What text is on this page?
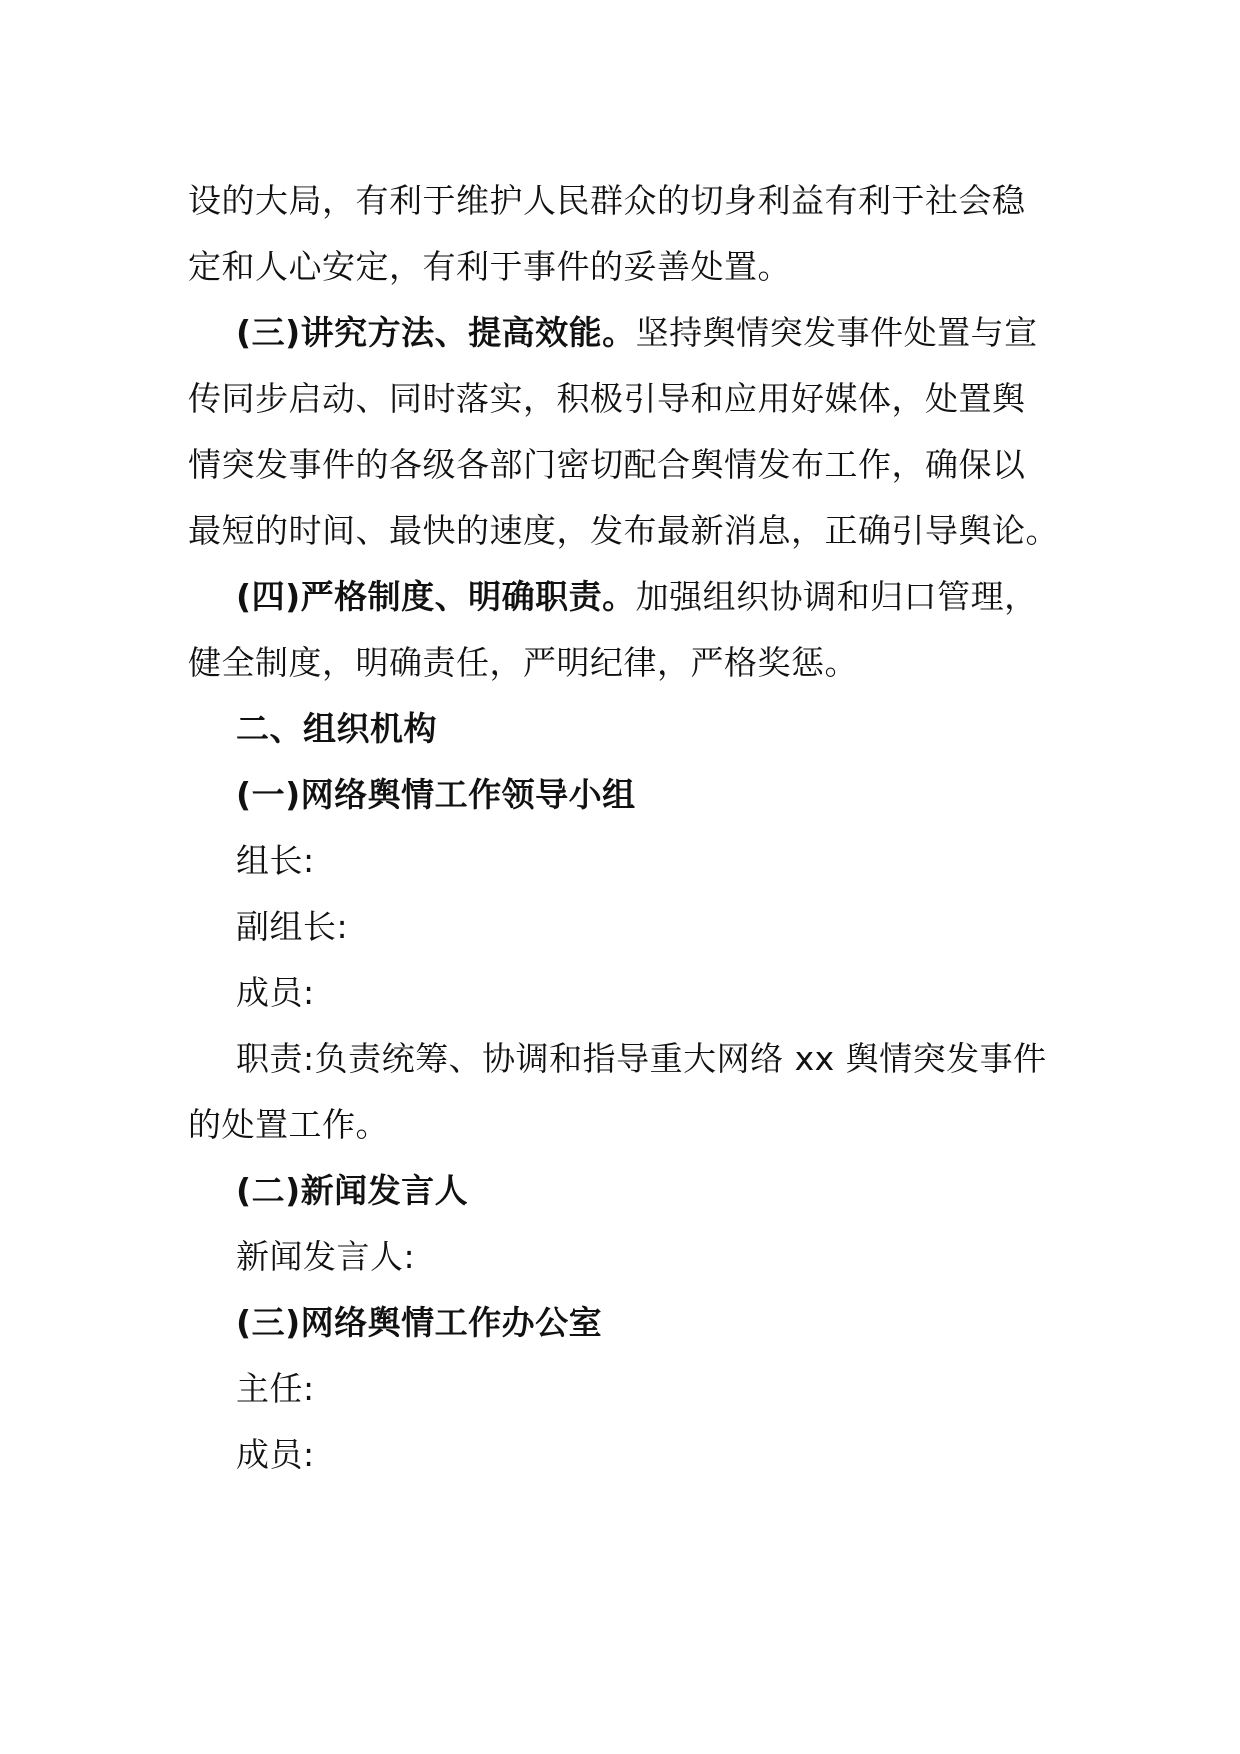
设的大局，有利于维护人民群众的切身利益有利于社会稳
定和人心安定，有利于事件的妥善处置。
(三)讲究方法、提高效能。坚持舆情突发事件处置与宣
传同步启动、同时落实，积极引导和应用好媒体，处置舆
情突发事件的各级各部门密切配合舆情发布工作，确保以
最短的时间、最快的速度，发布最新消息，正确引导舆论。
(四)严格制度、明确职责。加强组织协调和归口管理，
健全制度，明确责任，严明纪律，严格奖惩。
二、组织机构
(一)网络舆情工作领导小组
组长:
副组长:
成员:
职责:负责统筹、协调和指导重大网络 xx 舆情突发事件
的处置工作。
(二)新闻发言人
新闻发言人:
(三)网络舆情工作办公室
主任:
成员:
